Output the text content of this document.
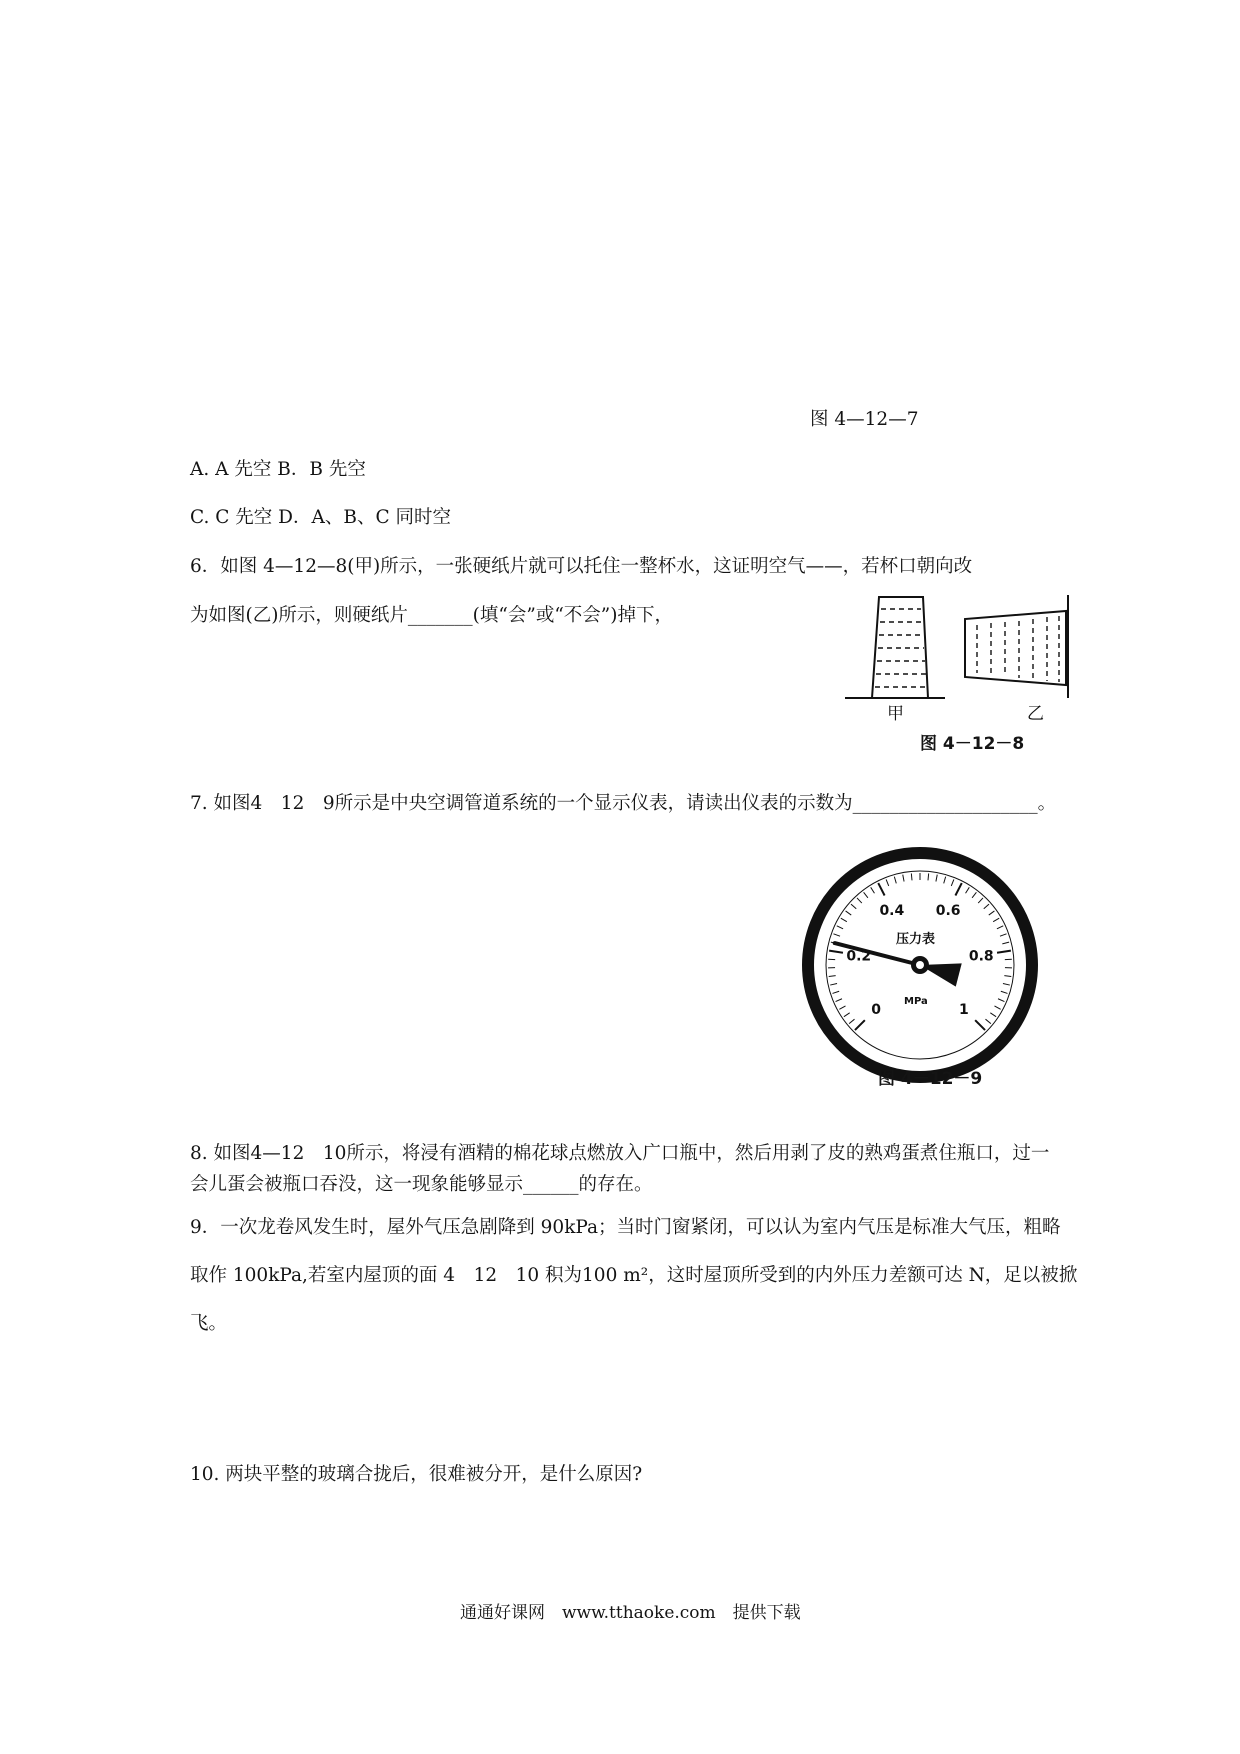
图 4—12—7
A. A 先空 B．B 先空
C. C 先空 D．A、B、C 同时空
6．如图 4—12—8(甲)所示，一张硬纸片就可以托住一整杯水，这证明空气——，若杯口朝向改
为如图(乙)所示，则硬纸片_______(填“会”或“不会”)掉下，
甲	乙
图 4－12－8
7. 如图4　12　9所示是中央空调管道系统的一个显示仪表，请读出仪表的示数为____________________。
压力表
MPa
0
0.2
0.4 0.6
0.8
1
图 4－12－9
8. 如图4—12　10所示，将浸有酒精的棉花球点燃放入广口瓶中，然后用剥了皮的熟鸡蛋煮住瓶口，过一
会儿蛋会被瓶口吞没，这一现象能够显示______的存在。
9．一次龙卷风发生时，屋外气压急剧降到 90kPa；当时门窗紧闭，可以认为室内气压是标准大气压，粗略
取作 100kPa,若室内屋顶的面 4　12　10 积为100 m²，这时屋顶所受到的内外压力差额可达 N，足以被掀
飞。
10. 两块平整的玻璃合拢后，很难被分开，是什么原因?
通通好课网　www.tthaoke.com　提供下载
